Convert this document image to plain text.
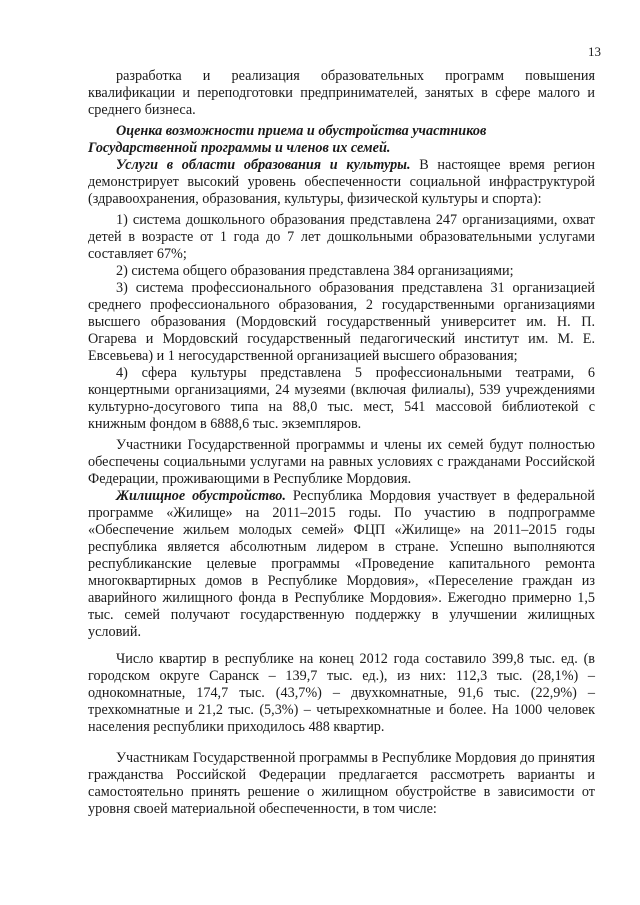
13

разработка и реализация образовательных программ повышения квалификации и переподготовки предпринимателей, занятых в сфере малого и среднего бизнеса.

Оценка возможности приема и обустройства участников

Государственной программы и членов их семей.

Услуги в области образования и культуры. В настоящее время регион демонстрирует высокий уровень обеспеченности социальной инфраструктурой (здравоохранения, образования, культуры, физической культуры и спорта):

1) система дошкольного образования представлена 247 организациями, охват детей в возрасте от 1 года до 7 лет дошкольными образовательными услугами составляет 67%;

2) система общего образования представлена 384 организациями;

3) система профессионального образования представлена 31 организацией среднего профессионального образования, 2 государственными организациями высшего образования (Мордовский государственный университет им. Н. П. Огарева и Мордовский государственный педагогический институт им. М. Е. Евсевьева) и 1 негосударственной организацией высшего образования;

4) сфера культуры представлена 5 профессиональными театрами, 6 концертными организациями, 24 музеями (включая филиалы), 539 учреждениями культурно-досугового типа на 88,0 тыс. мест, 541 массовой библиотекой с книжным фондом в 6888,6 тыс. экземпляров.

Участники Государственной программы и члены их семей будут полностью обеспечены социальными услугами на равных условиях с гражданами Российской Федерации, проживающими в Республике Мордовия.

Жилищное обустройство. Республика Мордовия участвует в федеральной программе «Жилище» на 2011–2015 годы. По участию в подпрограмме «Обеспечение жильем молодых семей» ФЦП «Жилище» на 2011–2015 годы республика является абсолютным лидером в стране. Успешно выполняются республиканские целевые программы «Проведение капитального ремонта многоквартирных домов в Республике Мордовия», «Переселение граждан из аварийного жилищного фонда в Республике Мордовия». Ежегодно примерно 1,5 тыс. семей получают государственную поддержку в улучшении жилищных условий.

Число квартир в республике на конец 2012 года составило 399,8 тыс. ед. (в городском округе Саранск – 139,7 тыс. ед.), из них: 112,3 тыс. (28,1%) – однокомнатные, 174,7 тыс. (43,7%) – двухкомнатные, 91,6 тыс. (22,9%) – трехкомнатные и 21,2 тыс. (5,3%) – четырехкомнатные и более. На 1000 человек населения республики приходилось 488 квартир.

Участникам Государственной программы в Республике Мордовия до принятия гражданства Российской Федерации предлагается рассмотреть варианты и самостоятельно принять решение о жилищном обустройстве в зависимости от уровня своей материальной обеспеченности, в том числе:
